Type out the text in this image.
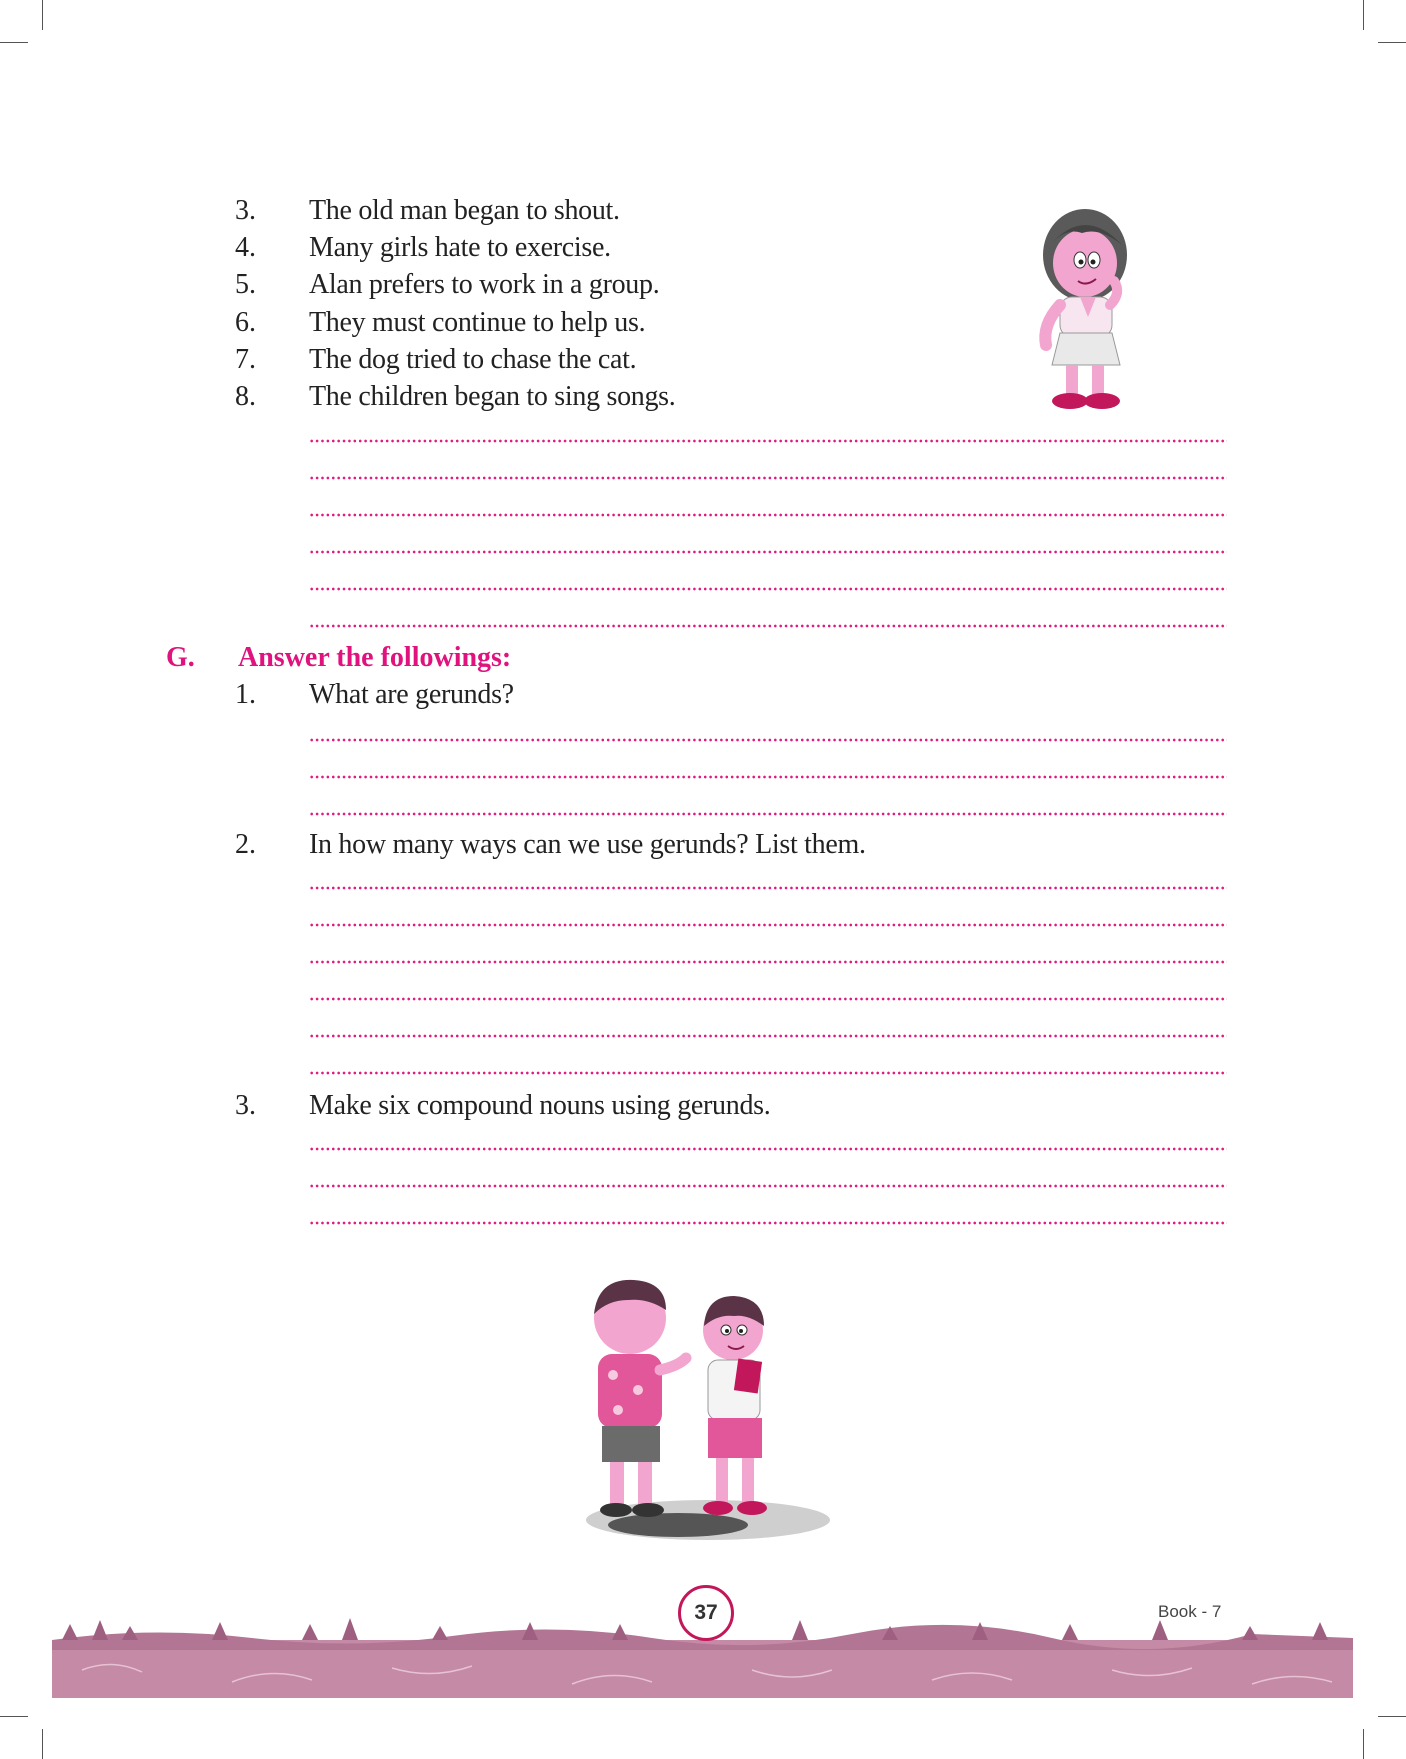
3. The old man began to shout.
4. Many girls hate to exercise.
5. Alan prefers to work in a group.
6. They must continue to help us.
7. The dog tried to chase the cat.
8. The children began to sing songs.
G. Answer the followings:
1. What are gerunds?
2. In how many ways can we use gerunds? List them.
3. Make six compound nouns using gerunds.
37	Book - 7
